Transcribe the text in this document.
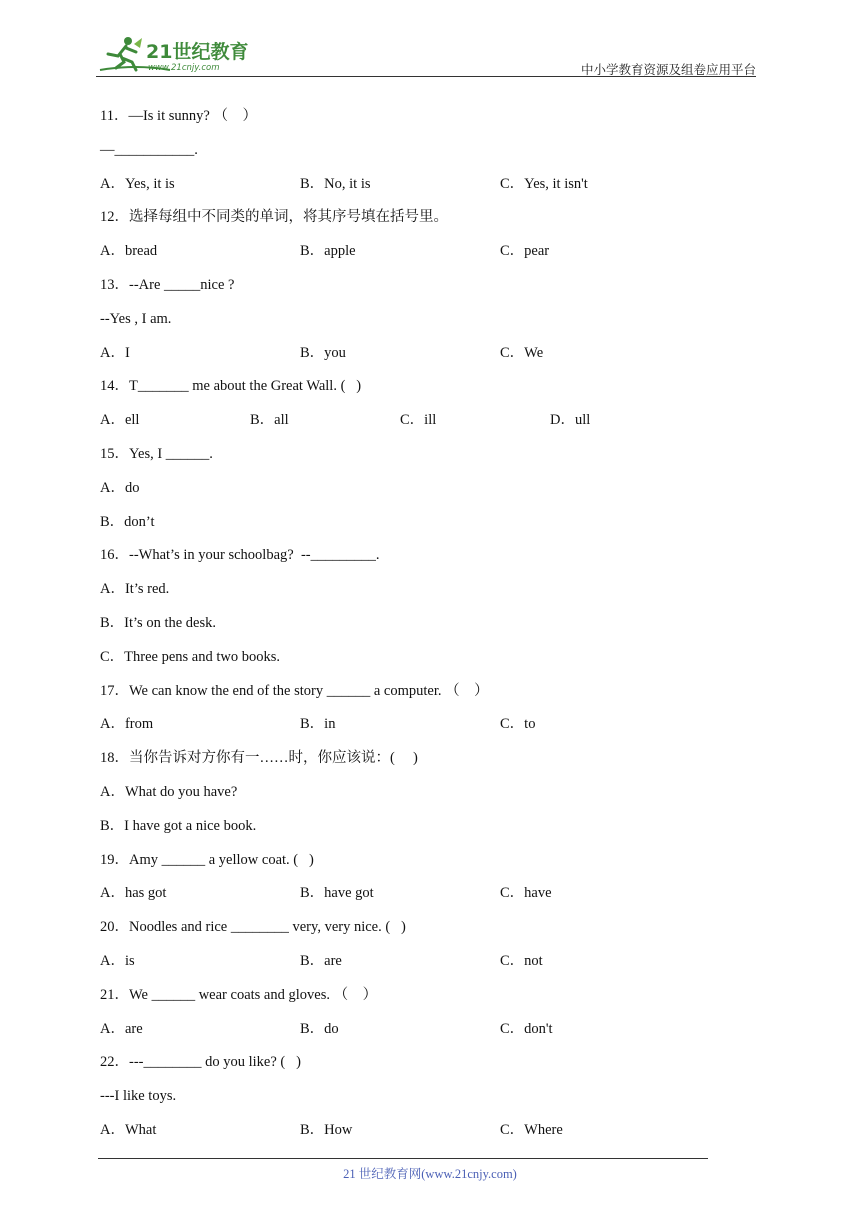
21世纪教育
www.21cnjy.com	中小学教育资源及组卷应用平台
11．—Is it sunny? （　）
—___________.
A．Yes, it is	B．No, it is	C．Yes, it isn't
12．选择每组中不同类的单词，将其序号填在括号里。
A．bread	B．apple	C．pear
13．--Are _____nice ?
--Yes , I am.
A．I	B．you	C．We
14．T_______ me about the Great Wall. (   )
A．ell	B．all	C．ill	D．ull
15．Yes, I ______.
A．do
B．don’t
16．--What’s in your schoolbag?  --_________.
A．It’s red.
B．It’s on the desk.
C．Three pens and two books.
17．We can know the end of the story ______ a computer. （　）
A．from	B．in	C．to
18．当你告诉对方你有一……时，你应该说：(     )
A．What do you have?
B．I have got a nice book.
19．Amy ______ a yellow coat. (   )
A．has got	B．have got	C．have
20．Noodles and rice ________ very, very nice. (   )
A．is	B．are	C．not
21．We ______ wear coats and gloves. （　）
A．are	B．do	C．don't
22．---________ do you like? (   )
---I like toys.
A．What	B．How	C．Where
21 世纪教育网(www.21cnjy.com)
